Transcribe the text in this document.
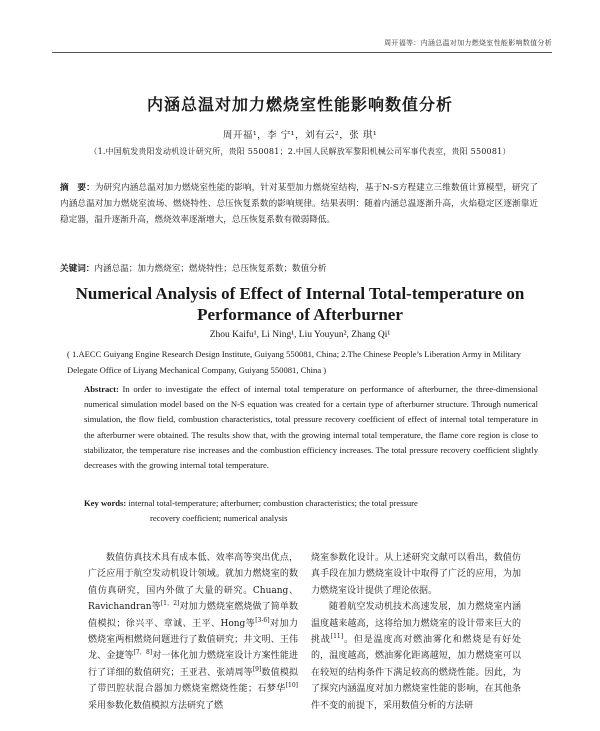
周开福等：内涵总温对加力燃烧室性能影响数值分析
内涵总温对加力燃烧室性能影响数值分析
周开福¹，李 宁¹，刘有云²，张 琪¹
（1.中国航发贵阳发动机设计研究所，贵阳 550081；2.中国人民解放军黎阳机械公司军事代表室，贵阳 550081）
摘　要：为研究内涵总温对加力燃烧室性能的影响，针对某型加力燃烧室结构，基于N-S方程建立三维数值计算模型，研究了内涵总温对加力燃烧室流场、燃烧特性、总压恢复系数的影响规律。结果表明：随着内涵总温逐渐升高，火焰稳定区逐渐靠近稳定器，温升逐渐升高，燃烧效率逐渐增大，总压恢复系数有微弱降低。
关键词：内涵总温；加力燃烧室；燃烧特性；总压恢复系数；数值分析
Numerical Analysis of Effect of Internal Total-temperature on
Performance of Afterburner
Zhou Kaifu¹, Li Ning¹, Liu Youyun², Zhang Qi¹
( 1.AECC Guiyang Engine Research Design Institute, Guiyang 550081, China; 2.The Chinese People’s Liberation Army in Military Delegate Office of Liyang Mechanical Company, Guiyang 550081, China )
Abstract: In order to investigate the effect of internal total temperature on performance of afterburner, the three-dimensional numerical simulation model based on the N-S equation was created for a certain type of afterburner structure. Through numerical simulation, the flow field, combustion characteristics, total pressure recovery coefficient of effect of internal total temperature in the afterburner were obtained. The results show that, with the growing internal total temperature, the flame core region is close to stabilizator, the temperature rise increases and the combustion efficiency increases. The total pressure recovery coefficient slightly decreases with the growing internal total temperature.
Key words: internal total-temperature; afterburner; combustion characteristics; the total pressure
recovery coefficient; numerical analysis
数值仿真技术具有成本低、效率高等突出优点，广泛应用于航空发动机设计领域。就加力燃烧室的数值仿真研究，国内外做了大量的研究。Chuang、Ravichandran等[1，2]对加力燃烧室燃烧做了简单数值模拟；徐兴平、章诚、王平、Hong等[3-6]对加力燃烧室两相燃烧问题进行了数值研究；井文明、王伟龙、金捷等[7，8]对一体化加力燃烧室设计方案性能进行了详细的数值研究；王亚君、张靖周等[9]数值模拟了带凹腔状混合器加力燃烧室燃烧性能；石梦华[10]采用参数化数值模拟方法研究了燃
烧室参数化设计。从上述研究文献可以看出，数值仿真手段在加力燃烧室设计中取得了广泛的应用，为加力燃烧室设计提供了理论依据。
随着航空发动机技术高速发展，加力燃烧室内涵温度越来越高，这将给加力燃烧室的设计带来巨大的挑战[11]。但是温度高对燃油雾化和燃烧是有好处的，温度越高，燃油雾化距离越短，加力燃烧室可以在较短的结构条件下满足较高的燃烧性能。因此，为了探究内涵温度对加力燃烧室性能的影响，在其他条件不变的前提下，采用数值分析的方法研
